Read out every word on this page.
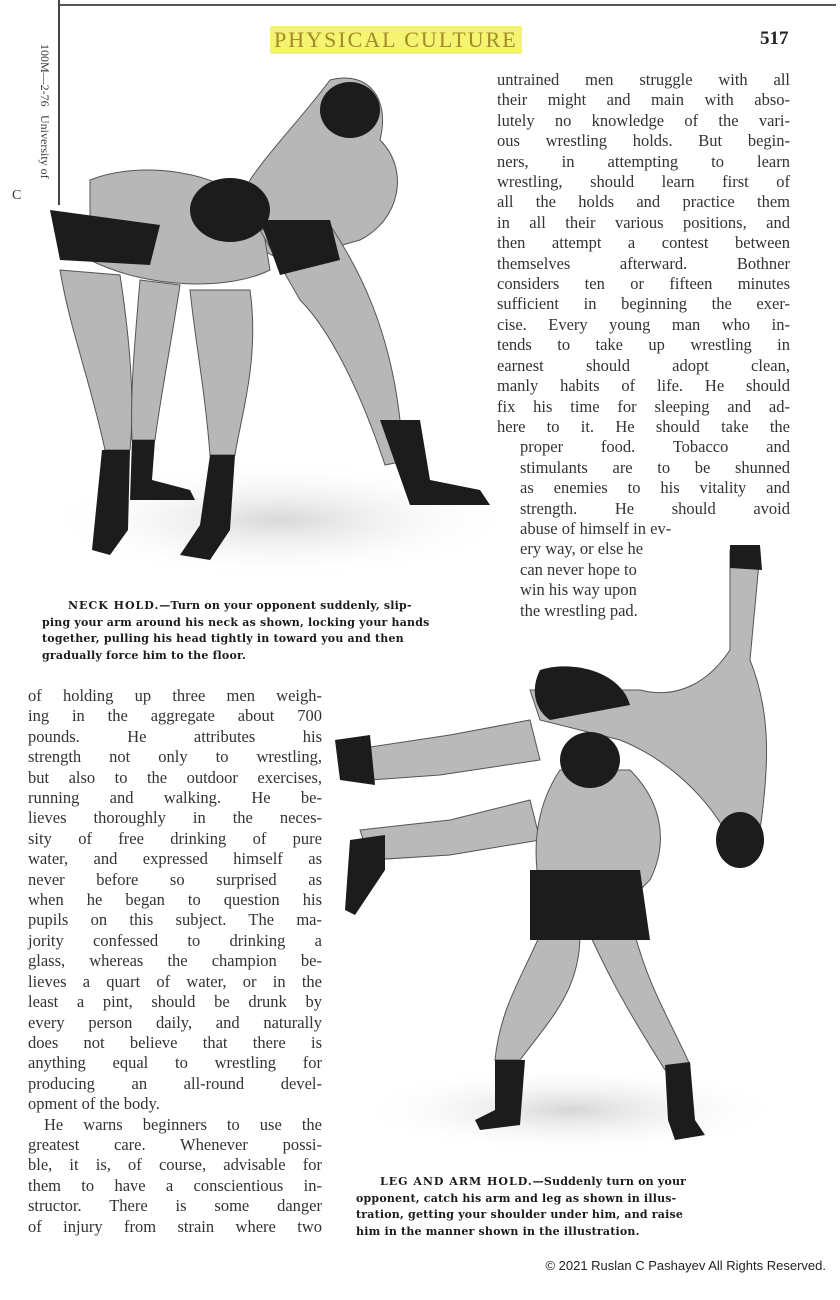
100M—2-76
University of
C
PHYSICAL CULTURE	517
untrained men struggle with all
their might and main with abso-
lutely no knowledge of the vari-
ous wrestling holds. But begin-
ners, in attempting to learn
wrestling, should learn first of
all the holds and practice them
in all their various positions, and
then attempt a contest between
themselves afterward. Bothner
considers ten or fifteen minutes
sufficient in beginning the exer-
cise. Every young man who in-
tends to take up wrestling in
earnest should adopt clean,
manly habits of life. He should
fix his time for sleeping and ad-
here to it. He should take the
proper food. Tobacco and
stimulants are to be shunned
as enemies to his vitality and
strength. He should avoid
abuse of himself in ev-
ery way, or else he
can never hope to
win his way upon
the wrestling pad.
NECK HOLD.—Turn on your opponent suddenly, slip-
ping your arm around his neck as shown, locking your hands
together, pulling his head tightly in toward you and then
gradually force him to the floor.
of holding up three men weigh-
ing in the aggregate about 700
pounds. He attributes his
strength not only to wrestling,
but also to the outdoor exercises,
running and walking. He be-
lieves thoroughly in the neces-
sity of free drinking of pure
water, and expressed himself as
never before so surprised as
when he began to question his
pupils on this subject. The ma-
jority confessed to drinking a
glass, whereas the champion be-
lieves a quart of water, or in the
least a pint, should be drunk by
every person daily, and naturally
does not believe that there is
anything equal to wrestling for
producing an all-round devel-
opment of the body.
He warns beginners to use the
greatest care. Whenever possi-
ble, it is, of course, advisable for
them to have a conscientious in-
structor. There is some danger
of injury from strain where two
LEG AND ARM HOLD.—Suddenly turn on your
opponent, catch his arm and leg as shown in illus-
tration, getting your shoulder under him, and raise
him in the manner shown in the illustration.
© 2021 Ruslan C Pashayev All Rights Reserved.
